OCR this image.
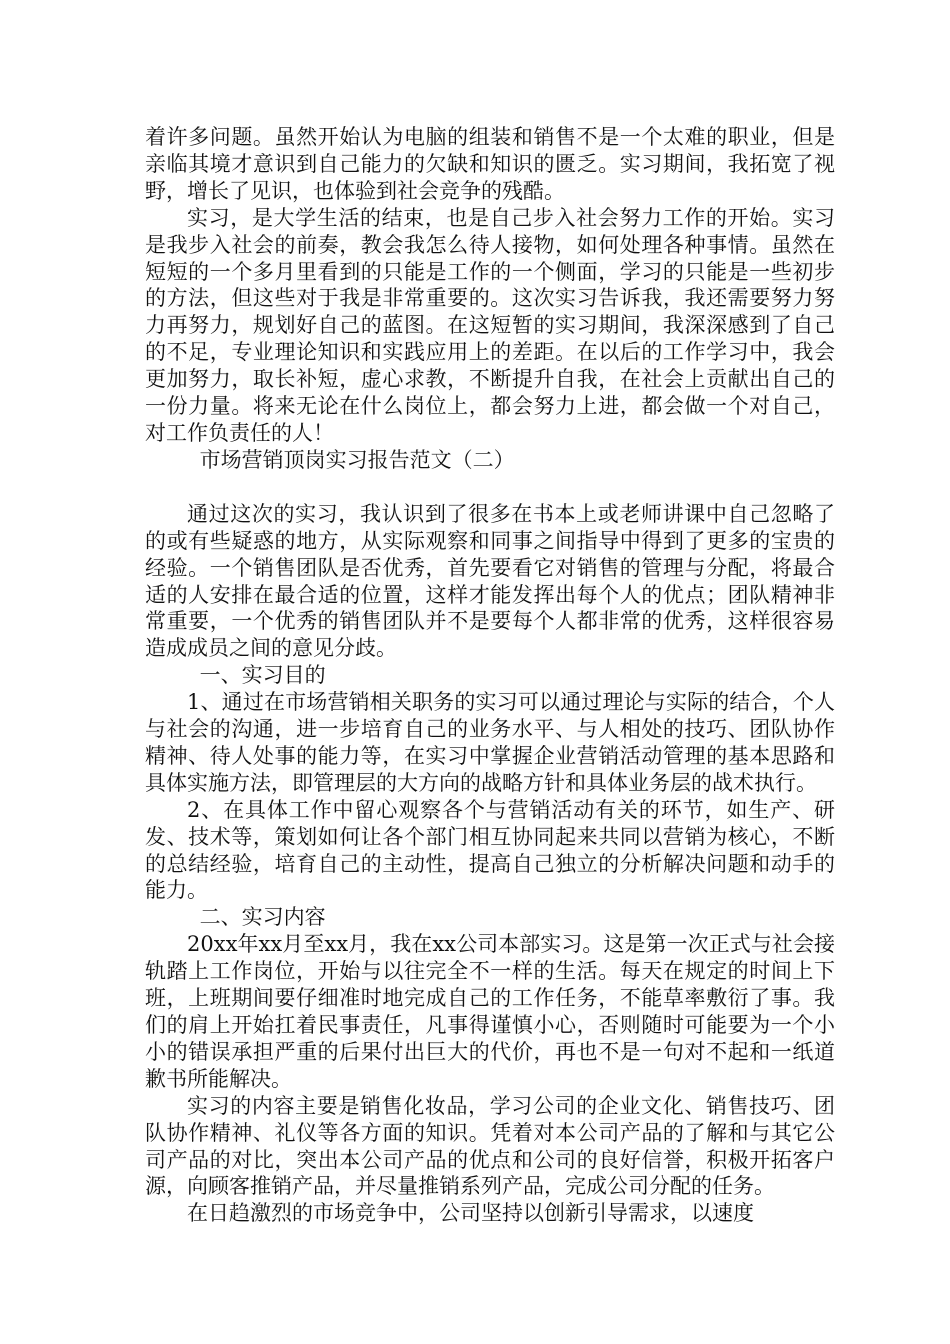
着许多问题。虽然开始认为电脑的组装和销售不是一个太难的职业，但是亲临其境才意识到自己能力的欠缺和知识的匮乏。实习期间，我拓宽了视野，增长了见识，也体验到社会竞争的残酷。

实习，是大学生活的结束，也是自己步入社会努力工作的开始。实习是我步入社会的前奏，教会我怎么待人接物，如何处理各种事情。虽然在短短的一个多月里看到的只能是工作的一个侧面，学习的只能是一些初步的方法，但这些对于我是非常重要的。这次实习告诉我，我还需要努力努力再努力，规划好自己的蓝图。在这短暂的实习期间，我深深感到了自己的不足，专业理论知识和实践应用上的差距。在以后的工作学习中，我会更加努力，取长补短，虚心求教，不断提升自我，在社会上贡献出自己的一份力量。将来无论在什么岗位上，都会努力上进，都会做一个对自己，对工作负责任的人！

市场营销顶岗实习报告范文（二）

通过这次的实习，我认识到了很多在书本上或老师讲课中自己忽略了的或有些疑惑的地方，从实际观察和同事之间指导中得到了更多的宝贵的经验。一个销售团队是否优秀，首先要看它对销售的管理与分配，将最合适的人安排在最合适的位置，这样才能发挥出每个人的优点；团队精神非常重要，一个优秀的销售团队并不是要每个人都非常的优秀，这样很容易造成成员之间的意见分歧。

一、实习目的

1、通过在市场营销相关职务的实习可以通过理论与实际的结合，个人与社会的沟通，进一步培育自己的业务水平、与人相处的技巧、团队协作精神、待人处事的能力等，在实习中掌握企业营销活动管理的基本思路和具体实施方法，即管理层的大方向的战略方针和具体业务层的战术执行。

2、在具体工作中留心观察各个与营销活动有关的环节，如生产、研发、技术等，策划如何让各个部门相互协同起来共同以营销为核心，不断的总结经验，培育自己的主动性，提高自己独立的分析解决问题和动手的能力。

二、实习内容

20xx年xx月至xx月，我在xx公司本部实习。这是第一次正式与社会接轨踏上工作岗位，开始与以往完全不一样的生活。每天在规定的时间上下班，上班期间要仔细准时地完成自己的工作任务，不能草率敷衍了事。我们的肩上开始扛着民事责任，凡事得谨慎小心，否则随时可能要为一个小小的错误承担严重的后果付出巨大的代价，再也不是一句对不起和一纸道歉书所能解决。

实习的内容主要是销售化妆品，学习公司的企业文化、销售技巧、团队协作精神、礼仪等各方面的知识。凭着对本公司产品的了解和与其它公司产品的对比，突出本公司产品的优点和公司的良好信誉，积极开拓客户源，向顾客推销产品，并尽量推销系列产品，完成公司分配的任务。

在日趋激烈的市场竞争中，公司坚持以创新引导需求，以速度
